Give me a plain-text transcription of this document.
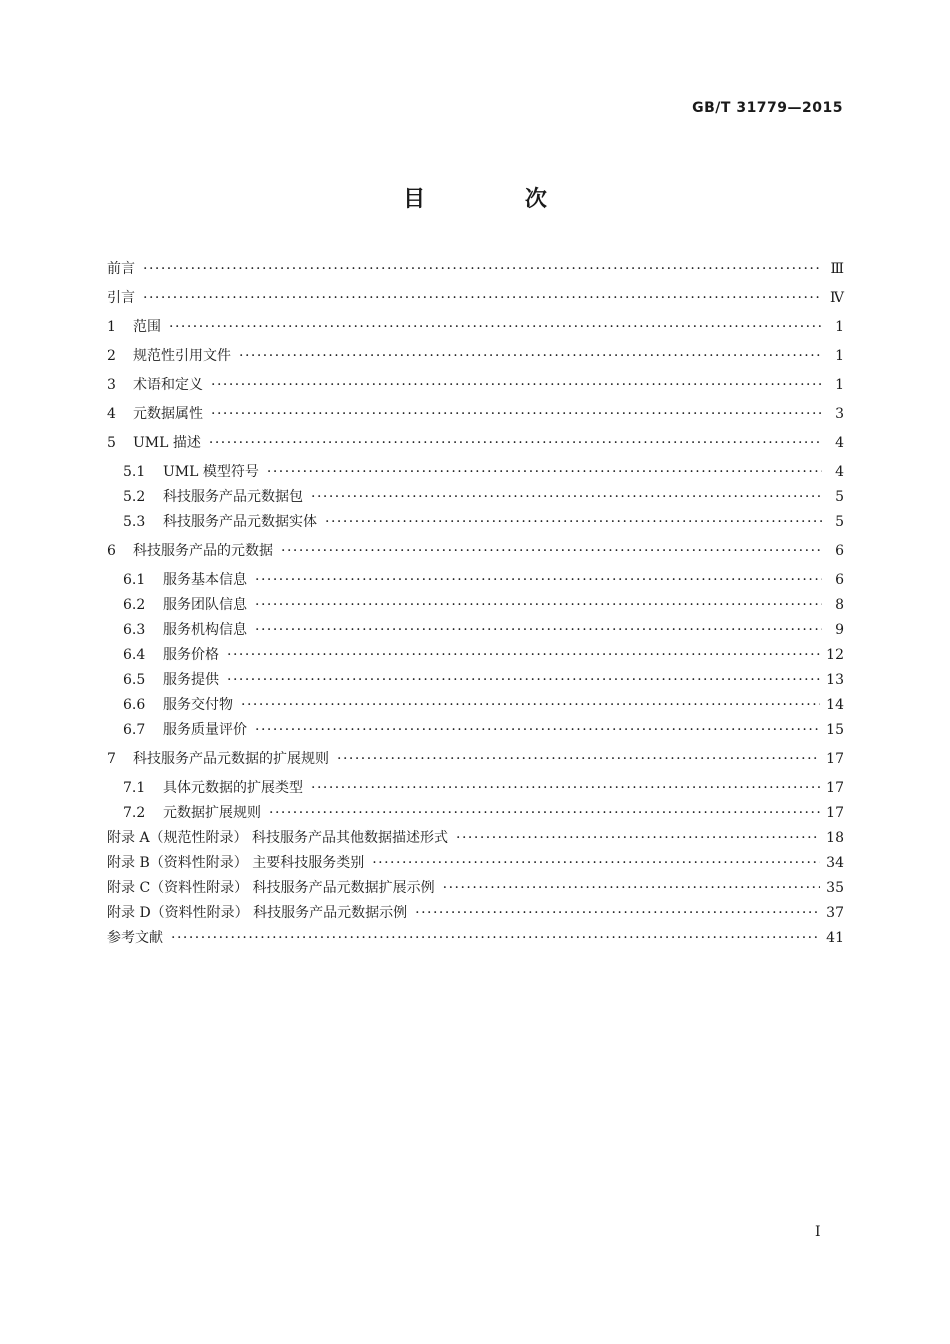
GB/T 31779—2015
目 次
前言 ·····	Ⅲ
引言 ·····	Ⅳ
1	范围 ·····	1
2	规范性引用文件 ·····	1
3	术语和定义 ·····	1
4	元数据属性 ·····	3
5	UML 描述 ·····	4
5.1	UML 模型符号 ·····	4
5.2	科技服务产品元数据包 ·····	5
5.3	科技服务产品元数据实体 ·····	5
6	科技服务产品的元数据 ·····	6
6.1	服务基本信息 ·····	6
6.2	服务团队信息 ·····	8
6.3	服务机构信息 ·····	9
6.4	服务价格 ·····	12
6.5	服务提供 ·····	13
6.6	服务交付物 ·····	14
6.7	服务质量评价 ·····	15
7	科技服务产品元数据的扩展规则 ·····	17
7.1	具体元数据的扩展类型 ·····	17
7.2	元数据扩展规则 ·····	17
附录 A（规范性附录） 科技服务产品其他数据描述形式 ·····	18
附录 B（资料性附录） 主要科技服务类别 ·····	34
附录 C（资料性附录） 科技服务产品元数据扩展示例 ·····	35
附录 D（资料性附录） 科技服务产品元数据示例 ·····	37
参考文献 ·····	41
Ⅰ
